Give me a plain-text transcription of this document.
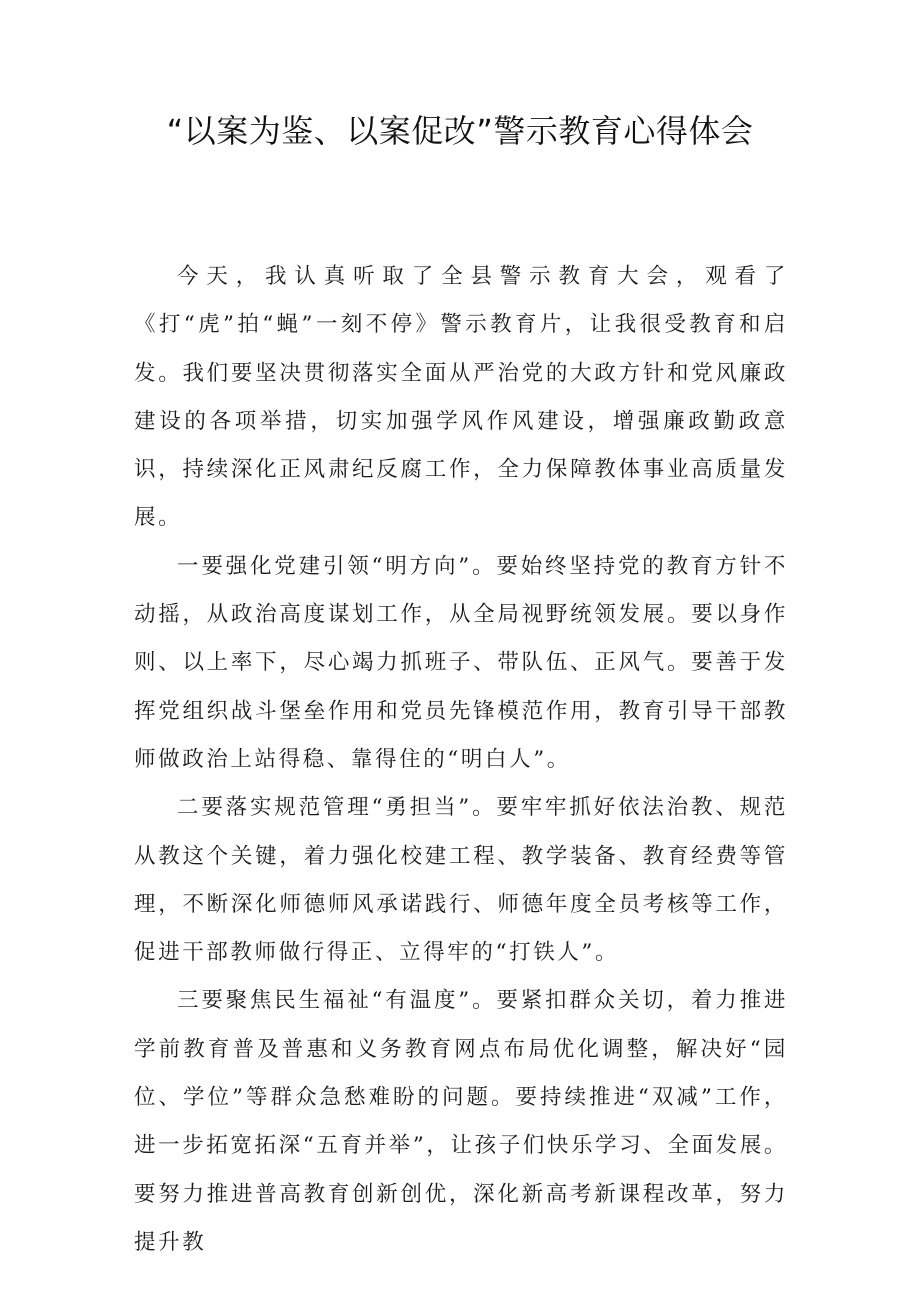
“以案为鉴、以案促改”警示教育心得体会

今天，我认真听取了全县警示教育大会，观看了《打“虎”拍“蝇”一刻不停》警示教育片，让我很受教育和启发。我们要坚决贯彻落实全面从严治党的大政方针和党风廉政建设的各项举措，切实加强学风作风建设，增强廉政勤政意识，持续深化正风肃纪反腐工作，全力保障教体事业高质量发展。

一要强化党建引领“明方向”。要始终坚持党的教育方针不动摇，从政治高度谋划工作，从全局视野统领发展。要以身作则、以上率下，尽心竭力抓班子、带队伍、正风气。要善于发挥党组织战斗堡垒作用和党员先锋模范作用，教育引导干部教师做政治上站得稳、靠得住的“明白人”。

二要落实规范管理“勇担当”。要牢牢抓好依法治教、规范从教这个关键，着力强化校建工程、教学装备、教育经费等管理，不断深化师德师风承诺践行、师德年度全员考核等工作，促进干部教师做行得正、立得牢的“打铁人”。

三要聚焦民生福祉“有温度”。要紧扣群众关切，着力推进学前教育普及普惠和义务教育网点布局优化调整，解决好“园位、学位”等群众急愁难盼的问题。要持续推进“双减”工作，进一步拓宽拓深“五育并举”，让孩子们快乐学习、全面发展。要努力推进普高教育创新创优，深化新高考新课程改革，努力提升教
